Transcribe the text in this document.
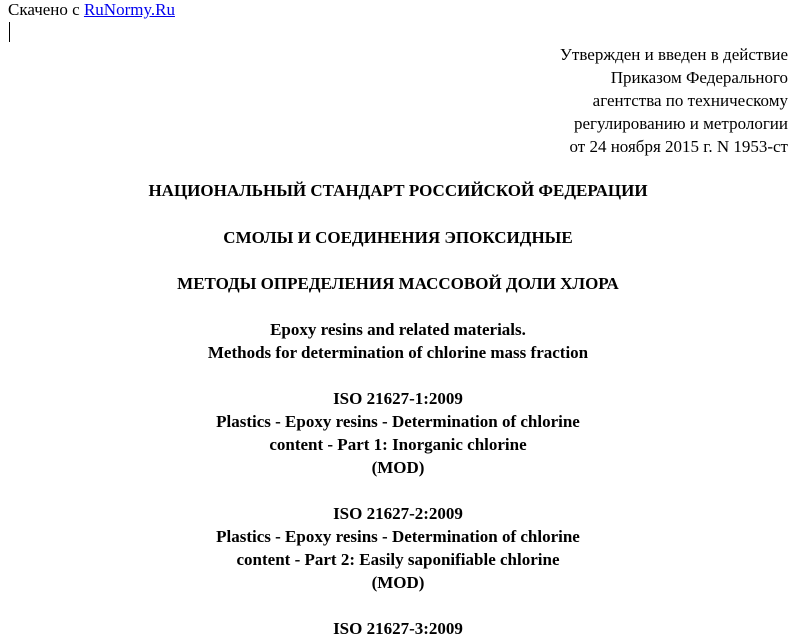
Скачено с RuNormy.Ru
Утвержден и введен в действие
Приказом Федерального
агентства по техническому
регулированию и метрологии
от 24 ноября 2015 г. N 1953-ст
НАЦИОНАЛЬНЫЙ СТАНДАРТ РОССИЙСКОЙ ФЕДЕРАЦИИ
СМОЛЫ И СОЕДИНЕНИЯ ЭПОКСИДНЫЕ
МЕТОДЫ ОПРЕДЕЛЕНИЯ МАССОВОЙ ДОЛИ ХЛОРА
Epoxy resins and related materials.
Methods for determination of chlorine mass fraction
ISO 21627-1:2009
Plastics - Epoxy resins - Determination of chlorine
content - Part 1: Inorganic chlorine
(MOD)
ISO 21627-2:2009
Plastics - Epoxy resins - Determination of chlorine
content - Part 2: Easily saponifiable chlorine
(MOD)
ISO 21627-3:2009
